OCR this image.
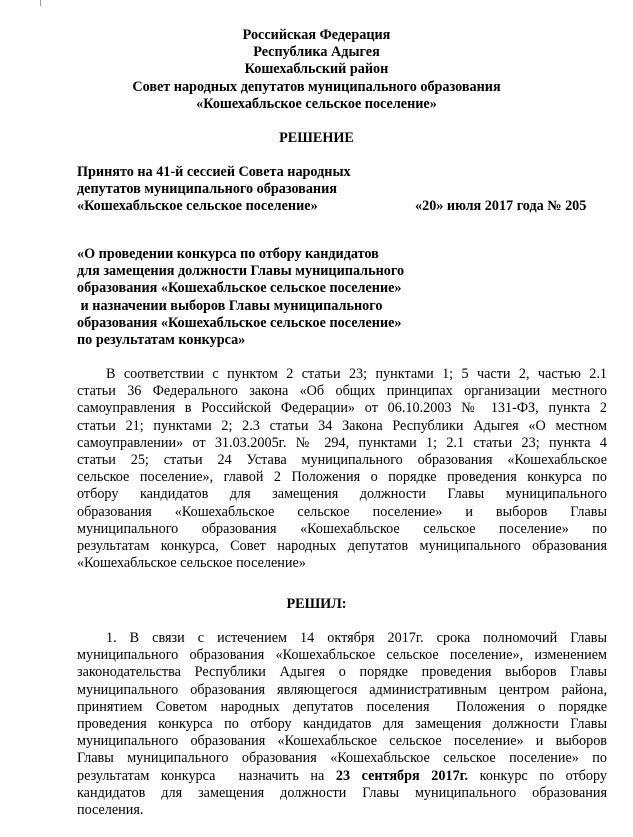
Российская Федерация
Республика Адыгея
Кошехабльский район
Совет народных депутатов муниципального образования
«Кошехабльское сельское поселение»
РЕШЕНИЕ
Принято на 41-й сессией Совета народных
депутатов муниципального образования
«Кошехабльское сельское поселение»	«20» июля 2017 года № 205
«О проведении конкурса по отбору кандидатов
для замещения должности Главы муниципального
образования «Кошехабльское сельское поселение»
и назначении выборов Главы муниципального
образования «Кошехабльское сельское поселение»
по результатам конкурса»
В соответствии с пунктом 2 статьи 23; пунктами 1; 5 части 2, частью 2.1
статьи 36 Федерального закона «Об общих принципах организации местного
самоуправления в Российской Федерации» от 06.10.2003 № 131-ФЗ, пункта 2
статьи 21; пунктами 2; 2.3 статьи 34 Закона Республики Адыгея «О местном
самоуправлении» от 31.03.2005г. № 294, пунктами 1; 2.1 статьи 23; пункта 4
статьи 25; статьи 24 Устава муниципального образования «Кошехабльское
сельское поселение», главой 2 Положения о порядке проведения конкурса по
отбору кандидатов для замещения должности Главы муниципального
образования «Кошехабльское сельское поселение» и выборов Главы
муниципального образования «Кошехабльское сельское поселение» по
результатам конкурса, Совет народных депутатов муниципального образования
«Кошехабльское сельское поселение»
РЕШИЛ:
1. В связи с истечением 14 октября 2017г. срока полномочий Главы
муниципального образования «Кошехабльское сельское поселение», изменением
законодательства Республики Адыгея о порядке проведения выборов Главы
муниципального образования являющегося административным центром района,
принятием Советом народных депутатов поселения  Положения о порядке
проведения конкурса по отбору кандидатов для замещения должности Главы
муниципального образования «Кошехабльское сельское поселение» и выборов
Главы муниципального образования «Кошехабльское сельское поселение» по
результатам конкурса  назначить на 23 сентября 2017г. конкурс по отбору
кандидатов для замещения должности Главы муниципального образования
поселения.
